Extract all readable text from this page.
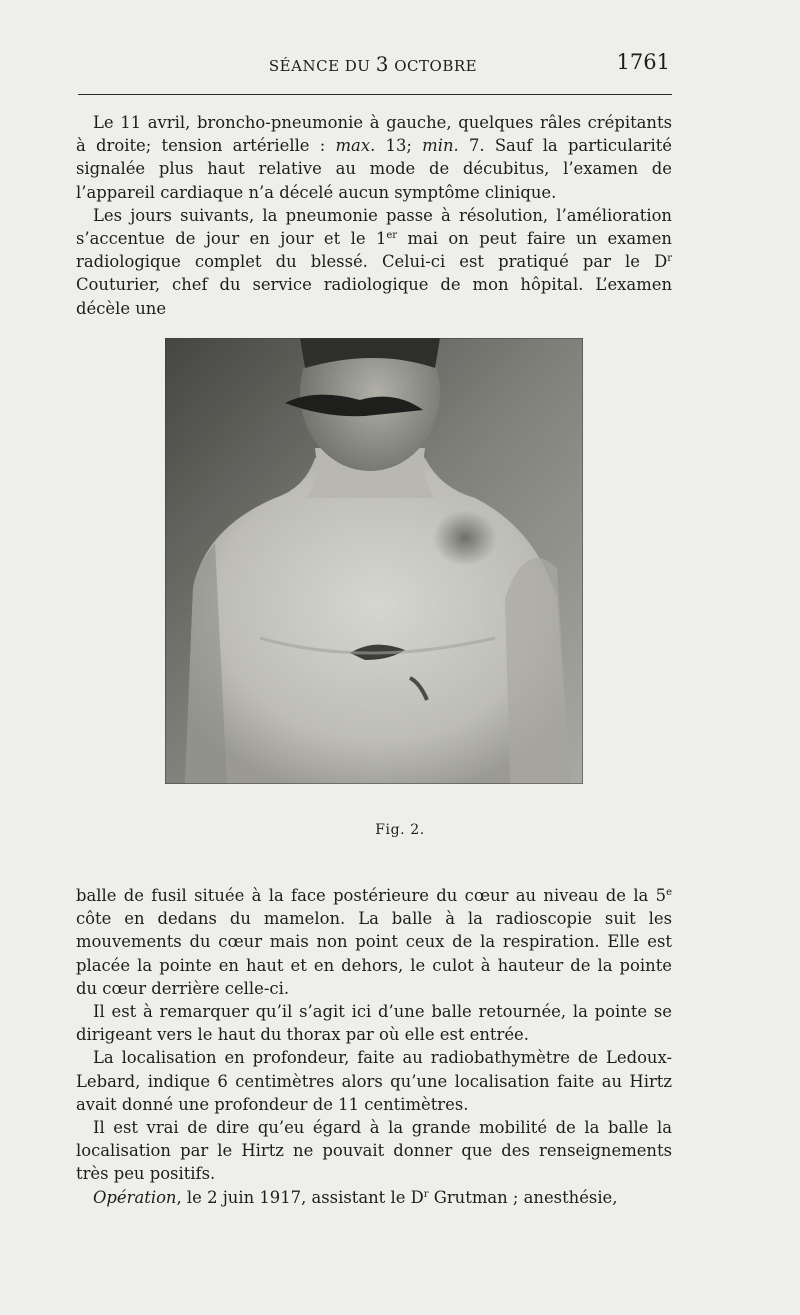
SÉANCE DU 3 OCTOBRE	1761

Le 11 avril, broncho-pneumonie à gauche, quelques râles crépitants à droite; tension artérielle : max. 13; min. 7. Sauf la particularité signalée plus haut relative au mode de décubitus, l’examen de l’appareil cardiaque n’a décelé aucun symptôme clinique.

Les jours suivants, la pneumonie passe à résolution, l’amélioration s’accentue de jour en jour et le 1er mai on peut faire un examen radiologique complet du blessé. Celui-ci est pratiqué par le $D^r$ Couturier, chef du service radiologique de mon hôpital. L’examen décèle une

Fig. 2.

balle de fusil située à la face postérieure du cœur au niveau de la 5e côte en dedans du mamelon. La balle à la radioscopie suit les mouvements du cœur mais non point ceux de la respiration. Elle est placée la pointe en haut et en dehors, le culot à hauteur de la pointe du cœur derrière celle-ci.

Il est à remarquer qu’il s’agit ici d’une balle retournée, la pointe se dirigeant vers le haut du thorax par où elle est entrée.

La localisation en profondeur, faite au radiobathymètre de Ledoux-Lebard, indique 6 centimètres alors qu’une localisation faite au Hirtz avait donné une profondeur de 11 centimètres.

Il est vrai de dire qu’eu égard à la grande mobilité de la balle la localisation par le Hirtz ne pouvait donner que des renseignements très peu positifs.

Opération, le 2 juin 1917, assistant le $D^r$ Grutman ; anesthésie,
